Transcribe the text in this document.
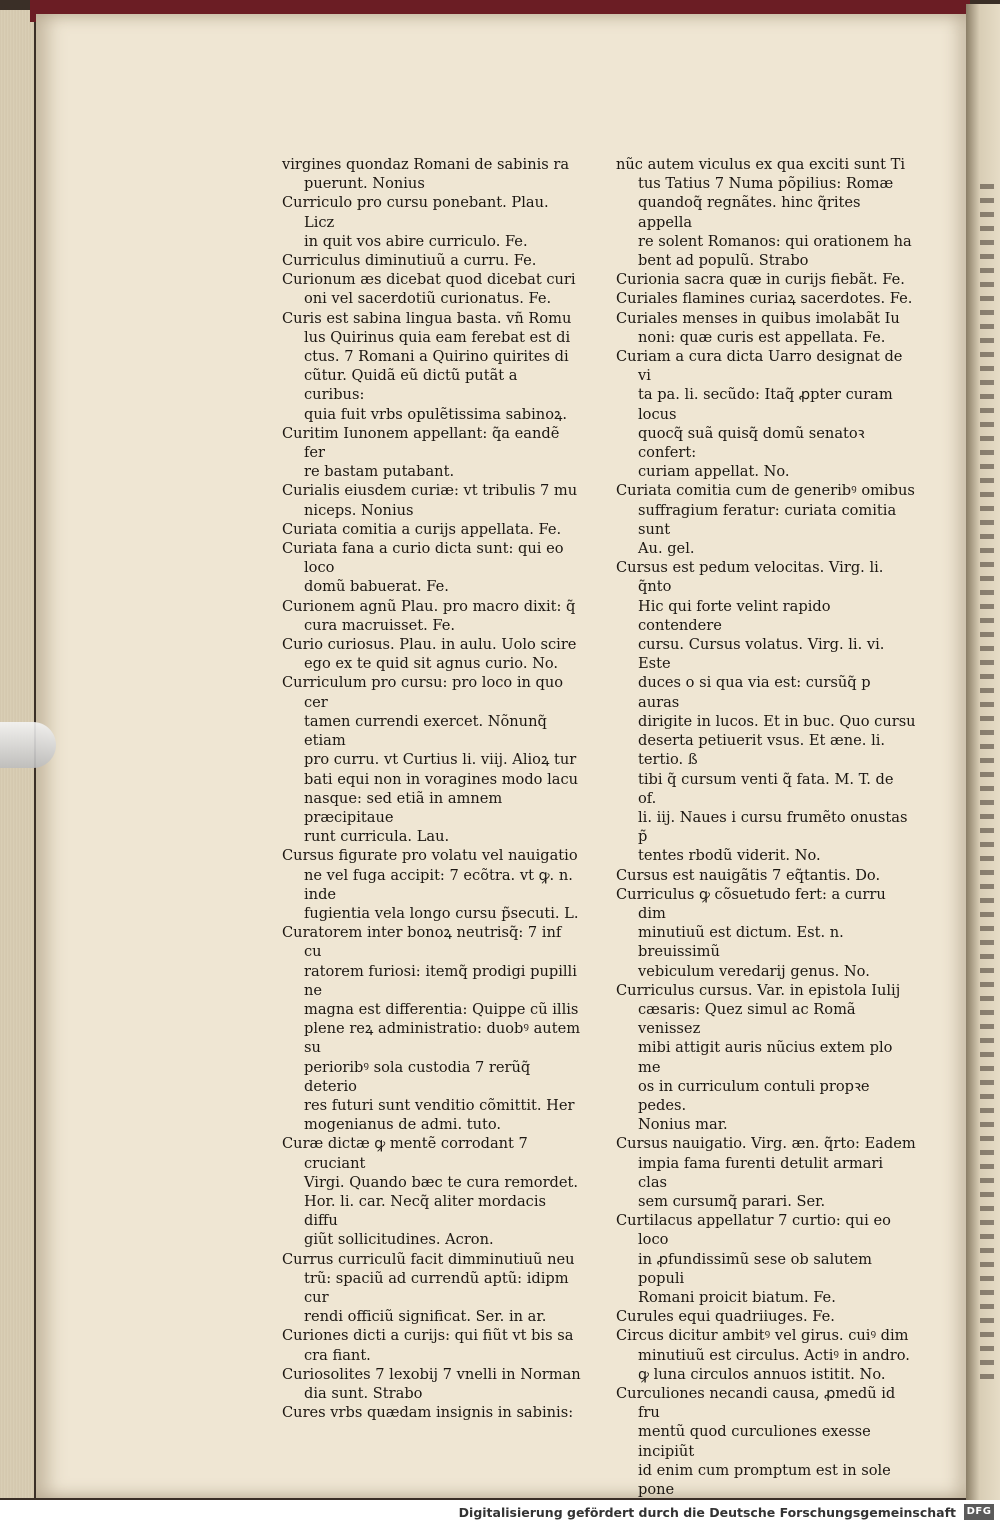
virgines quondaz Romani de sabinis ra
puerunt. Nonius

Curriculo pro cursu ponebant. Plau. Licz
in quit vos abire curriculo. Fe.

Curriculus diminutiuũ a curru. Fe.

Curionum æs dicebat quod dicebat curi
oni vel sacerdotiũ curionatus. Fe.

Curis est sabina lingua basta. vñ Romu
lus Quirinus quia eam ferebat est di
ctus. 7 Romani a Quirino quirites di
cũtur. Quidã eũ dictũ putãt a curibus:
quia fuit vrbs opulẽtissima sabinoꝝ.

Curitim Iunonem appellant: q̃a eandẽ fer
re bastam putabant.

Curialis eiusdem curiæ: vt tribulis 7 mu
niceps. Nonius

Curiata comitia a curijs appellata. Fe.

Curiata fana a curio dicta sunt: qui eo loco
domũ babuerat. Fe.

Curionem agnũ Plau. pro macro dixit: q̃
cura macruisset. Fe.

Curio curiosus. Plau. in aulu. Uolo scire
ego ex te quid sit agnus curio. No.

Curriculum pro cursu: pro loco in quo cer
tamen currendi exercet. Nõnunq̃ etiam
pro curru. vt Curtius li. viij. Alioꝝ tur
bati equi non in voragines modo lacu
nasque: sed etiã in amnem præcipitaue
runt curricula. Lau.

Cursus figurate pro volatu vel nauigatio
ne vel fuga accipit: 7 ecõtra. vt ꝙ. n. inde
fugientia vela longo cursu p̃secuti. L.

Curatorem inter bonoꝝ neutrisq̃: 7 inf cu
ratorem furiosi: itemq̃ prodigi pupilli ne
magna est differentia: Quippe cũ illis
plene reꝝ administratio: duobꝰ autem su
perioribꝰ sola custodia 7 rerũq̃ deterio
res futuri sunt venditio cõmittit. Her
mogenianus de admi. tuto.

Curæ dictæ ꝙ mentẽ corrodant 7 cruciant
Virgi. Quando bæc te cura remordet.
Hor. li. car. Necq̃ aliter mordacis diffu
giũt sollicitudines. Acron.

Currus curriculũ facit dimminutiuũ neu
trũ: spaciũ ad currendũ aptũ: idipm cur
rendi officiũ significat. Ser. in ar.

Curiones dicti a curijs: qui fiũt vt bis sa
cra fiant.

Curiosolites 7 lexobij 7 vnelli in Norman
dia sunt. Strabo

Cures vrbs quædam insignis in sabinis:

nũc autem viculus ex qua exciti sunt Ti
tus Tatius 7 Numa põpilius: Romæ
quandoq̃ regnãtes. hinc q̃rites appella
re solent Romanos: qui orationem ha
bent ad populũ. Strabo

Curionia sacra quæ in curijs fiebãt. Fe.

Curiales flamines curiaꝝ sacerdotes. Fe.

Curiales menses in quibus imolabãt Iu
noni: quæ curis est appellata. Fe.

Curiam a cura dicta Uarro designat de vi
ta pa. li. secũdo: Itaq̃ ꝓpter curam locus
quocq̃ suã quisq̃ domũ senatoꝛ confert:
curiam appellat. No.

Curiata comitia cum de generibꝰ omibus
suffragium feratur: curiata comitia sunt
Au. gel.

Cursus est pedum velocitas. Virg. li. q̃nto
Hic qui forte velint rapido contendere
cursu. Cursus volatus. Virg. li. vi. Este
duces o si qua via est: cursũq̃ p auras
dirigite in lucos. Et in buc. Quo cursu
deserta petiuerit vsus. Et æne. li. tertio. ß
tibi q̃ cursum venti q̃ fata. M. T. de of.
li. iij. Naues i cursu frumẽto onustas p̃
tentes rbodũ viderit. No.

Cursus est nauigãtis 7 eq̃tantis. Do.

Curriculus ꝙ cõsuetudo fert: a curru dim
minutiuũ est dictum. Est. n. breuissimũ
vebiculum veredarij genus. No.

Curriculus cursus. Var. in epistola Iulij
cæsaris: Quez simul ac Romã venissez
mibi attigit auris nũcius extem plo me
os in curriculum contuli propꝛe pedes.
Nonius mar.

Cursus nauigatio. Virg. æn. q̃rto: Eadem
impia fama furenti detulit armari clas
sem cursumq̃ parari. Ser.

Curtilacus appellatur 7 curtio: qui eo loco
in ꝓfundissimũ sese ob salutem populi
Romani proicit biatum. Fe.

Curules equi quadriiuges. Fe.

Circus dicitur ambitꝰ vel girus. cuiꝰ dim
minutiuũ est circulus. Actiꝰ in andro.
ꝙ luna circulos annuos istitit. No.

Curculiones necandi causa, ꝓmedũ id fru
mentũ quod curculiones exesse incipiũt
id enim cum promptum est in sole pone

Digitalisierung gefördert durch die Deutsche Forschungsgemeinschaft DFG
